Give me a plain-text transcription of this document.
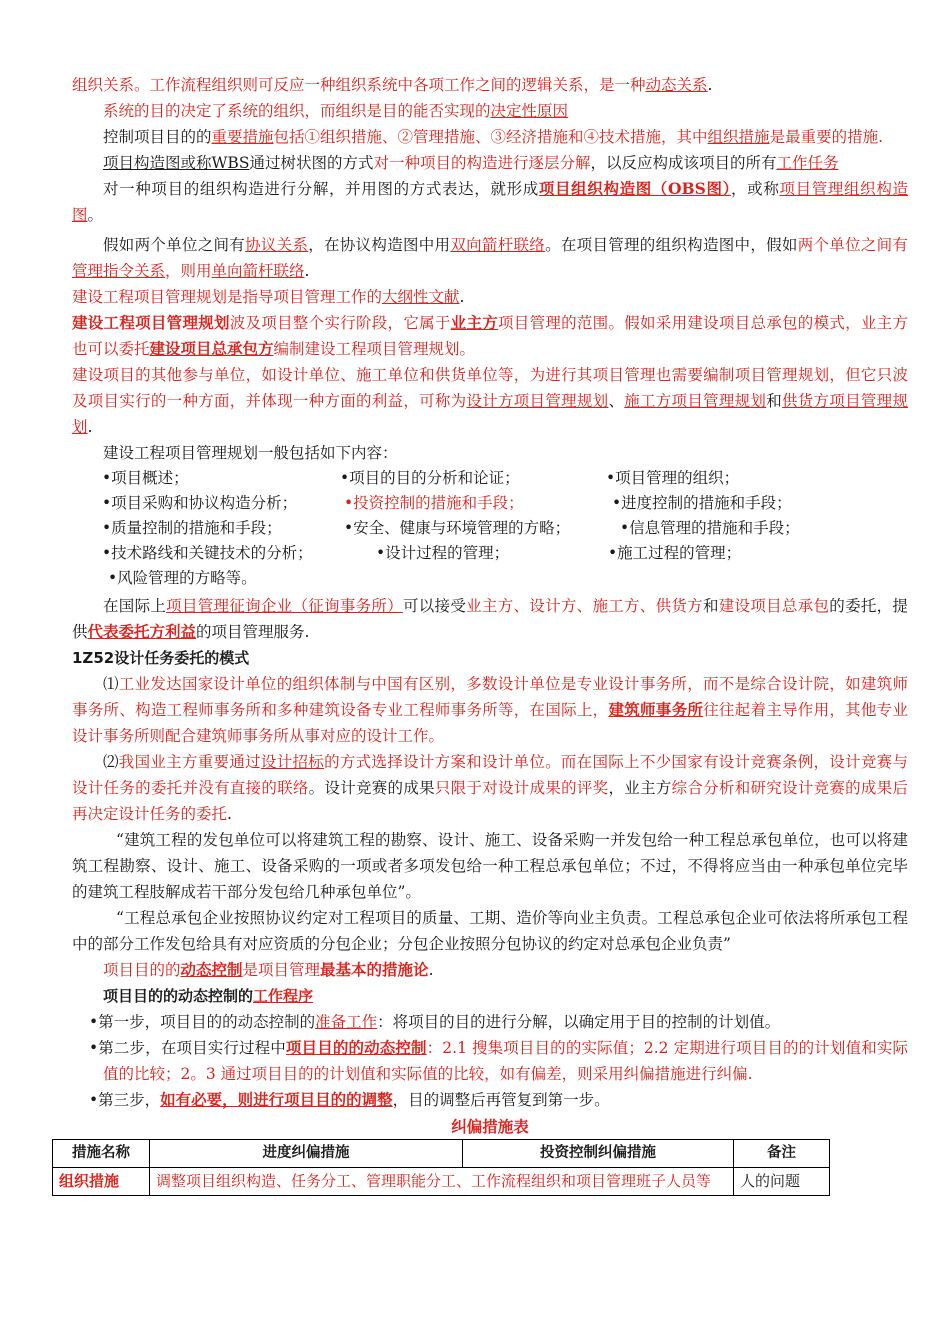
组织关系。工作流程组织则可反应一种组织系统中各项工作之间的逻辑关系，是一种动态关系.

系统的目的决定了系统的组织，而组织是目的能否实现的决定性原因

控制项目目的的重要措施包括①组织措施、②管理措施、③经济措施和④技术措施，其中组织措施是最重要的措施.

项目构造图或称WBS通过树状图的方式对一种项目的构造进行逐层分解，以反应构成该项目的所有工作任务

对一种项目的组织构造进行分解，并用图的方式表达，就形成项目组织构造图（OBS图），或称项目管理组织构造图。

假如两个单位之间有协议关系，在协议构造图中用双向箭杆联络。在项目管理的组织构造图中，假如两个单位之间有管理指令关系，则用单向箭杆联络.

建设工程项目管理规划是指导项目管理工作的大纲性文献.

建设工程项目管理规划波及项目整个实行阶段，它属于业主方项目管理的范围。假如采用建设项目总承包的模式，业主方也可以委托建设项目总承包方编制建设工程项目管理规划。

建设项目的其他参与单位，如设计单位、施工单位和供货单位等，为进行其项目管理也需要编制项目管理规划，但它只波及项目实行的一种方面，并体现一种方面的利益，可称为设计方项目管理规划、施工方项目管理规划和供货方项目管理规划.

建设工程项目管理规划一般包括如下内容：

•项目概述；	•项目的目的分析和论证；	•项目管理的组织；
•项目采购和协议构造分析；	•投资控制的措施和手段；	•进度控制的措施和手段；
•质量控制的措施和手段；	•安全、健康与环境管理的方略；	•信息管理的措施和手段；
•技术路线和关键技术的分析；	•设计过程的管理；	•施工过程的管理；
•风险管理的方略等。

在国际上项目管理征询企业（征询事务所）可以接受业主方、设计方、施工方、供货方和建设项目总承包的委托，提供代表委托方利益的项目管理服务.

1Z52设计任务委托的模式

⑴工业发达国家设计单位的组织体制与中国有区别，多数设计单位是专业设计事务所，而不是综合设计院，如建筑师事务所、构造工程师事务所和多种建筑设备专业工程师事务所等，在国际上，建筑师事务所往往起着主导作用，其他专业设计事务所则配合建筑师事务所从事对应的设计工作。

⑵我国业主方重要通过设计招标的方式选择设计方案和设计单位。而在国际上不少国家有设计竞赛条例，设计竞赛与设计任务的委托并没有直接的联络。设计竞赛的成果只限于对设计成果的评奖，业主方综合分析和研究设计竞赛的成果后再决定设计任务的委托.

“建筑工程的发包单位可以将建筑工程的勘察、设计、施工、设备采购一并发包给一种工程总承包单位，也可以将建筑工程勘察、设计、施工、设备采购的一项或者多项发包给一种工程总承包单位；不过，不得将应当由一种承包单位完毕的建筑工程肢解成若干部分发包给几种承包单位”。

“工程总承包企业按照协议约定对工程项目的质量、工期、造价等向业主负责。工程总承包企业可依法将所承包工程中的部分工作发包给具有对应资质的分包企业；分包企业按照分包协议的约定对总承包企业负责”

项目目的的动态控制是项目管理最基本的措施论.

项目目的的动态控制的工作程序

•第一步，项目目的的动态控制的准备工作：将项目的目的进行分解，以确定用于目的控制的计划值。

•第二步，在项目实行过程中项目目的的动态控制：2.1 搜集项目目的的实际值；2.2 定期进行项目目的的计划值和实际值的比较；2。3 通过项目目的的计划值和实际值的比较，如有偏差，则采用纠偏措施进行纠偏.

•第三步，如有必要，则进行项目目的的调整，目的调整后再管复到第一步。

纠偏措施表
措施名称	进度纠偏措施	投资控制纠偏措施	备注
组织措施	调整项目组织构造、任务分工、管理职能分工、工作流程组织和项目管理班子人员等		人的问题
